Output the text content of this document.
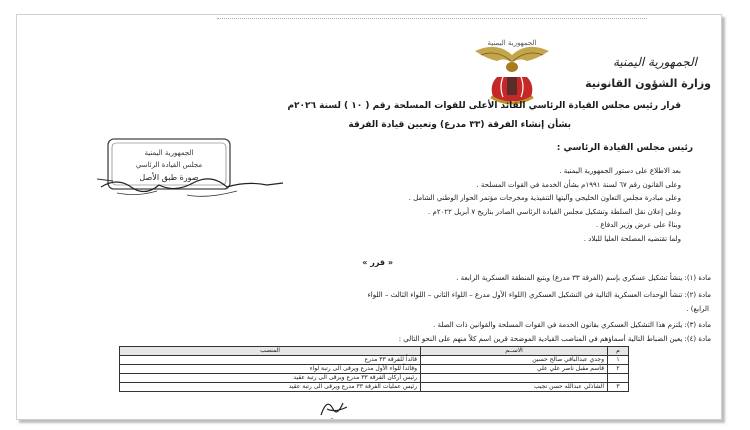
الجمهورية اليمنية
وزارة الشؤون القانونية
الجمهورية اليمنية
قرار رئيس مجلس القيادة الرئاسي القائد الأعلى للقوات المسلحة رقم ( ١٠ ) لسنة ٢٠٢٦م
بشأن إنشاء الفرقة (٣٣ مدرع) وتعيين قيادة الفرقة
رئيس مجلس القيادة الرئاسي :
بعد الاطلاع على دستور الجمهورية اليمنية .
وعلى القانون رقم ٦٧ لسنة ١٩٩١م بشأن الخدمة في القوات المسلحة .
وعلى مبادرة مجلس التعاون الخليجي وآليتها التنفيذية ومخرجات مؤتمر الحوار الوطني الشامل .
وعلى إعلان نقل السلطة وتشكيل مجلس القيادة الرئاسي الصادر بتاريخ ٧ أبريل ٢٠٢٢م .
وبناءً على عرض وزير الدفاع .
ولما تقتضيه المصلحة العليا للبلاد .
الجمهورية اليمنية
مجلس القيادة الرئاسي
صورة طبق الأصل
« قرر »
مادة (١): ينشأ تشكيل عسكري بإسم (الفرقة ٣٣ مدرع) ويتبع المنطقة العسكرية الرابعة .
مادة (٢): تنشأ الوحدات العسكرية التالية في التشكيل العسكري (اللواء الأول مدرع – اللواء الثاني – اللواء الثالث – اللواء
الرابع) .
مادة (٣): يلتزم هذا التشكيل العسكري بقانون الخدمة في القوات المسلحة والقوانين ذات الصلة .
مادة (٤): يعين الضباط التالية أسماؤهم في المناصب القيادية الموضحة قرين اسم كلاً منهم على النحو التالي :
م	الاســم	المنصب
١	وجدي عبدالباقي صالح حسين	قائداً للفرقة ٣٣ مدرع
٢	قاسم مقبل ناصر علي علي	وقائداً للواء الأول مدرع ويرقى الى رتبة لواء
		رئيس أركان الفرقة ٣٣ مدرع ويرقى الى رتبة عقيد
٣	الشاذلي عبدالله حسن نجيب	رئيس عمليات الفرقة ٣٣ مدرع ويرقى الى رتبة عقيد
